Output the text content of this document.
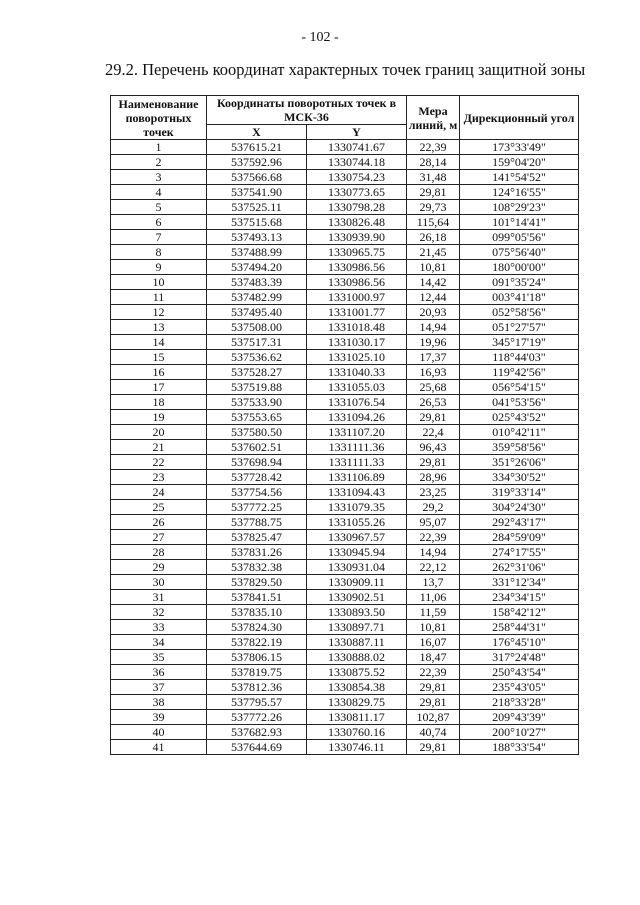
- 102 -
29.2. Перечень координат характерных точек границ защитной зоны
Наименование поворотных точек	Координаты поворотных точек в МСК-36		Мера линий, м	Дирекционный угол
	X	Y		
1	537615.21	1330741.67	22,39	173°33'49"
2	537592.96	1330744.18	28,14	159°04'20"
3	537566.68	1330754.23	31,48	141°54'52"
4	537541.90	1330773.65	29,81	124°16'55"
5	537525.11	1330798.28	29,73	108°29'23"
6	537515.68	1330826.48	115,64	101°14'41"
7	537493.13	1330939.90	26,18	099°05'56"
8	537488.99	1330965.75	21,45	075°56'40"
9	537494.20	1330986.56	10,81	180°00'00"
10	537483.39	1330986.56	14,42	091°35'24"
11	537482.99	1331000.97	12,44	003°41'18"
12	537495.40	1331001.77	20,93	052°58'56"
13	537508.00	1331018.48	14,94	051°27'57"
14	537517.31	1331030.17	19,96	345°17'19"
15	537536.62	1331025.10	17,37	118°44'03"
16	537528.27	1331040.33	16,93	119°42'56"
17	537519.88	1331055.03	25,68	056°54'15"
18	537533.90	1331076.54	26,53	041°53'56"
19	537553.65	1331094.26	29,81	025°43'52"
20	537580.50	1331107.20	22,4	010°42'11"
21	537602.51	1331111.36	96,43	359°58'56"
22	537698.94	1331111.33	29,81	351°26'06"
23	537728.42	1331106.89	28,96	334°30'52"
24	537754.56	1331094.43	23,25	319°33'14"
25	537772.25	1331079.35	29,2	304°24'30"
26	537788.75	1331055.26	95,07	292°43'17"
27	537825.47	1330967.57	22,39	284°59'09"
28	537831.26	1330945.94	14,94	274°17'55"
29	537832.38	1330931.04	22,12	262°31'06"
30	537829.50	1330909.11	13,7	331°12'34"
31	537841.51	1330902.51	11,06	234°34'15"
32	537835.10	1330893.50	11,59	158°42'12"
33	537824.30	1330897.71	10,81	258°44'31"
34	537822.19	1330887.11	16,07	176°45'10"
35	537806.15	1330888.02	18,47	317°24'48"
36	537819.75	1330875.52	22,39	250°43'54"
37	537812.36	1330854.38	29,81	235°43'05"
38	537795.57	1330829.75	29,81	218°33'28"
39	537772.26	1330811.17	102,87	209°43'39"
40	537682.93	1330760.16	40,74	200°10'27"
41	537644.69	1330746.11	29,81	188°33'54"
